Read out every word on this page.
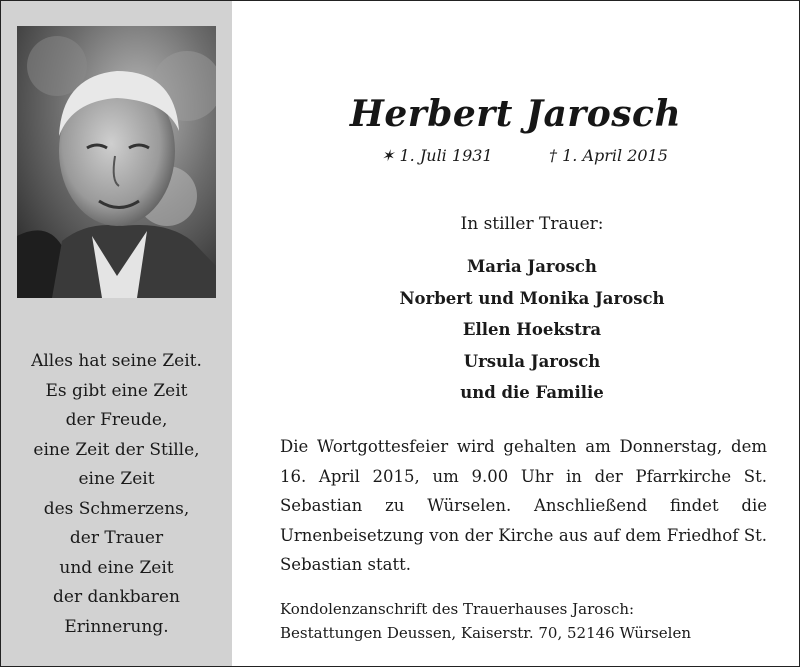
Alles hat seine Zeit.
Es gibt eine Zeit
der Freude,
eine Zeit der Stille,
eine Zeit
des Schmerzens,
der Trauer
und eine Zeit
der dankbaren
Erinnerung.
Herbert Jarosch
✶ 1. Juli 1931	† 1. April 2015
In stiller Trauer:
Maria Jarosch
Norbert und Monika Jarosch
Ellen Hoekstra
Ursula Jarosch
und die Familie
Die Wortgottesfeier wird gehalten am Donnerstag, dem 16. April 2015, um 9.00 Uhr in der Pfarrkirche St. Sebastian zu Würselen. Anschließend findet die Urnenbeisetzung von der Kirche aus auf dem Friedhof St. Sebastian statt.
Kondolenzanschrift des Trauerhauses Jarosch:
Bestattungen Deussen, Kaiserstr. 70, 52146 Würselen
